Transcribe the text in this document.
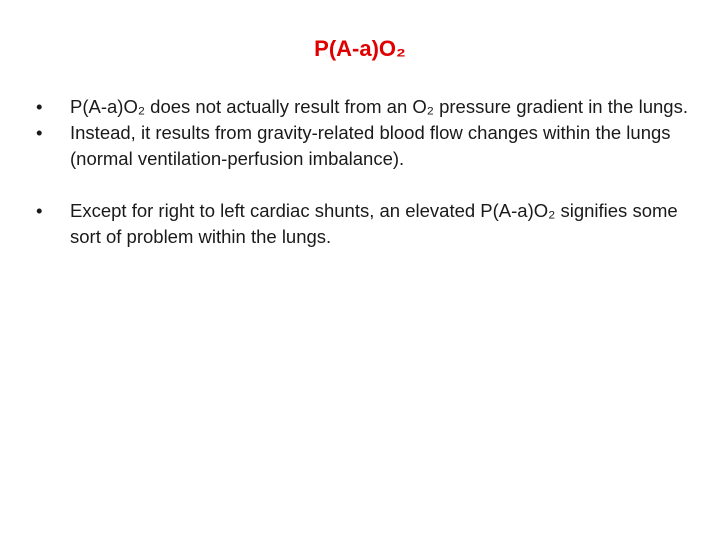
P(A-a)O₂
•	P(A-a)O₂ does not actually result from an O₂ pressure gradient in the lungs.
•	Instead, it results from gravity-related blood flow changes within the lungs (normal ventilation-perfusion imbalance).
•	Except for right to left cardiac shunts, an elevated P(A-a)O₂ signifies some sort of problem within the lungs.
